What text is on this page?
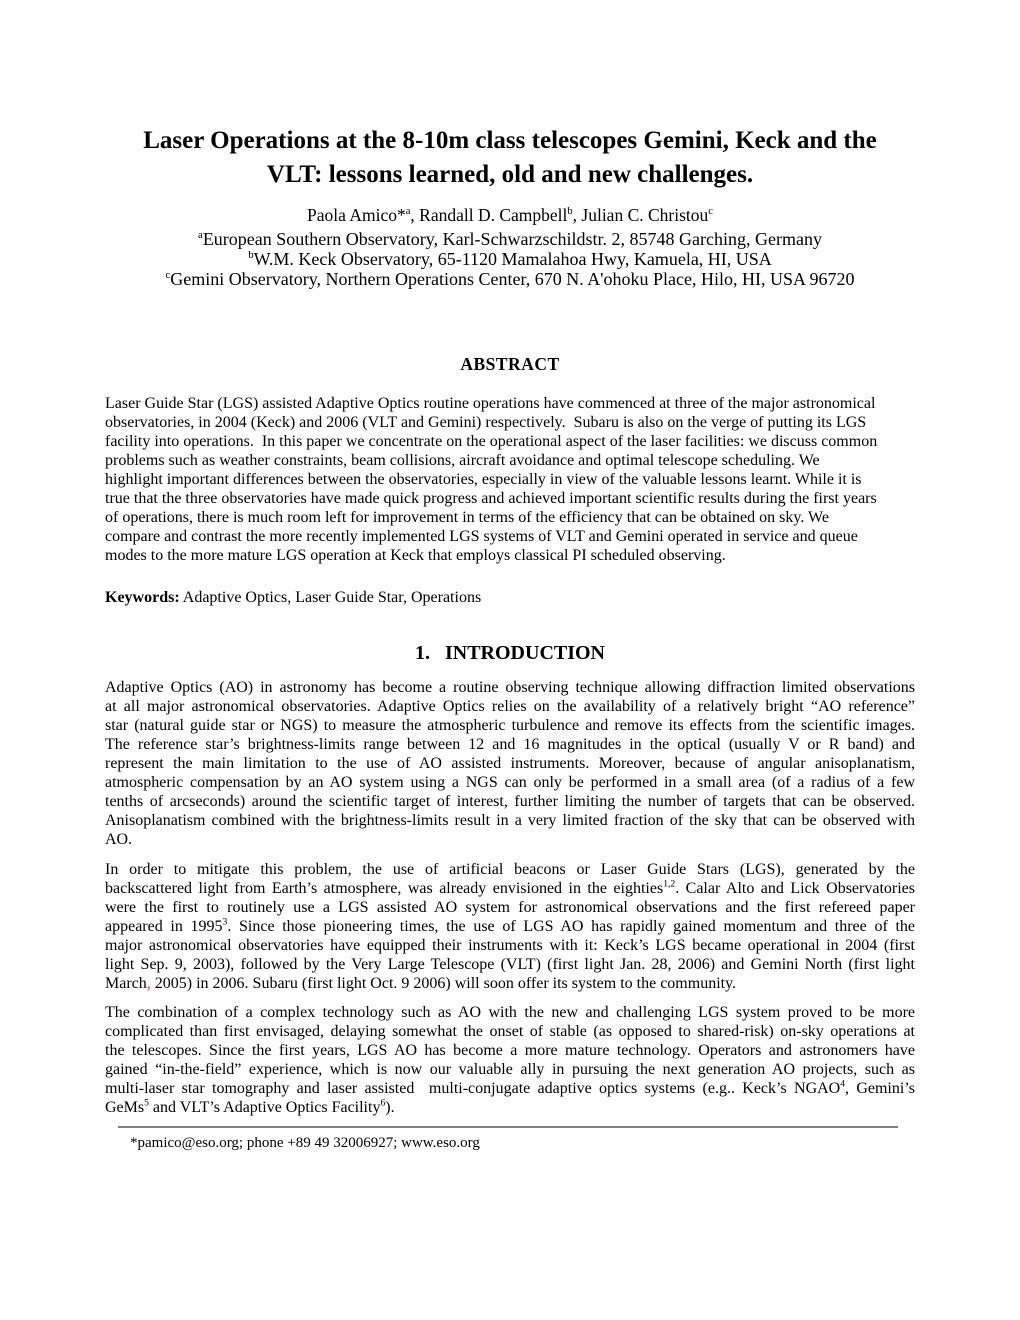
Laser Operations at the 8-10m class telescopes Gemini, Keck and the
VLT: lessons learned, old and new challenges.
Paola Amico*$^a$, Randall D. Campbell$^b$, Julian C. Christou$^c$
$^a$European Southern Observatory, Karl-Schwarzschildstr. 2, 85748 Garching, Germany
$^b$W.M. Keck Observatory, 65-1120 Mamalahoa Hwy, Kamuela, HI, USA
$^c$Gemini Observatory, Northern Operations Center, 670 N. A'ohoku Place, Hilo, HI, USA 96720
ABSTRACT
Laser Guide Star (LGS) assisted Adaptive Optics routine operations have commenced at three of the major astronomical
observatories, in 2004 (Keck) and 2006 (VLT and Gemini) respectively.  Subaru is also on the verge of putting its LGS
facility into operations.  In this paper we concentrate on the operational aspect of the laser facilities: we discuss common
problems such as weather constraints, beam collisions, aircraft avoidance and optimal telescope scheduling. We
highlight important differences between the observatories, especially in view of the valuable lessons learnt. While it is
true that the three observatories have made quick progress and achieved important scientific results during the first years
of operations, there is much room left for improvement in terms of the efficiency that can be obtained on sky. We
compare and contrast the more recently implemented LGS systems of VLT and Gemini operated in service and queue
modes to the more mature LGS operation at Keck that employs classical PI scheduled observing.
Keywords: Adaptive Optics, Laser Guide Star, Operations
1.   INTRODUCTION
Adaptive Optics (AO) in astronomy has become a routine observing technique allowing diffraction limited observations
at all major astronomical observatories. Adaptive Optics relies on the availability of a relatively bright “AO reference”
star (natural guide star or NGS) to measure the atmospheric turbulence and remove its effects from the scientific images.
The reference star’s brightness-limits range between 12 and 16 magnitudes in the optical (usually V or R band) and
represent the main limitation to the use of AO assisted instruments. Moreover, because of angular anisoplanatism,
atmospheric compensation by an AO system using a NGS can only be performed in a small area (of a radius of a few
tenths of arcseconds) around the scientific target of interest, further limiting the number of targets that can be observed.
Anisoplanatism combined with the brightness-limits result in a very limited fraction of the sky that can be observed with
AO.
In order to mitigate this problem, the use of artificial beacons or Laser Guide Stars (LGS), generated by the
backscattered light from Earth’s atmosphere, was already envisioned in the eighties$^{1,2}$. Calar Alto and Lick Observatories
were the first to routinely use a LGS assisted AO system for astronomical observations and the first refereed paper
appeared in 1995$^3$. Since those pioneering times, the use of LGS AO has rapidly gained momentum and three of the
major astronomical observatories have equipped their instruments with it: Keck’s LGS became operational in 2004 (first
light Sep. 9, 2003), followed by the Very Large Telescope (VLT) (first light Jan. 28, 2006) and Gemini North (first light
March, 2005) in 2006. Subaru (first light Oct. 9 2006) will soon offer its system to the community.
The combination of a complex technology such as AO with the new and challenging LGS system proved to be more
complicated than first envisaged, delaying somewhat the onset of stable (as opposed to shared-risk) on-sky operations at
the telescopes. Since the first years, LGS AO has become a more mature technology. Operators and astronomers have
gained “in-the-field” experience, which is now our valuable ally in pursuing the next generation AO projects, such as
multi-laser star tomography and laser assisted  multi-conjugate adaptive optics systems (e.g.. Keck’s NGAO$^4$, Gemini’s
GeMs$^5$ and VLT’s Adaptive Optics Facility$^6$).
*pamico@eso.org; phone +89 49 32006927; www.eso.org
